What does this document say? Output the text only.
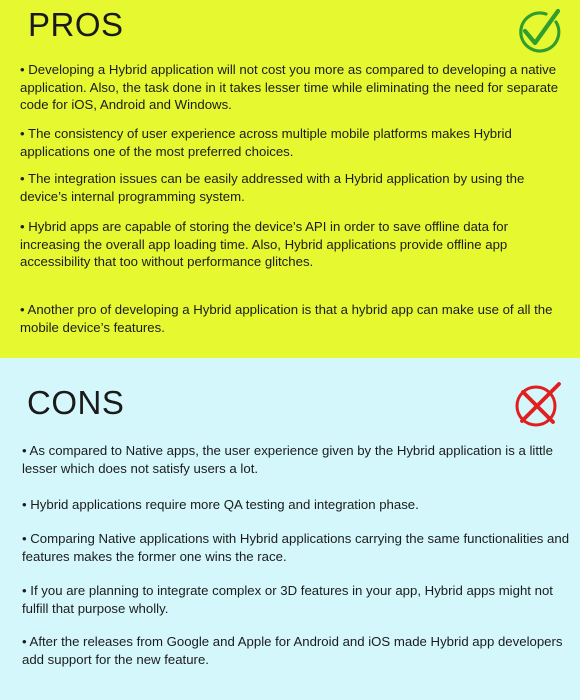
PROS

• Developing a Hybrid application will not cost you more as compared to developing a native application. Also, the task done in it takes lesser time while eliminating the need for separate code for iOS, Android and Windows.

• The consistency of user experience across multiple mobile platforms makes Hybrid applications one of the most preferred choices.

• The integration issues can be easily addressed with a Hybrid application by using the device’s internal programming system.

• Hybrid apps are capable of storing the device’s API in order to save offline data for increasing the overall app loading time. Also, Hybrid applications provide offline app accessibility that too without performance glitches.

• Another pro of developing a Hybrid application is that a hybrid app can make use of all the mobile device’s features.

CONS

• As compared to Native apps, the user experience given by the Hybrid application is a little lesser which does not satisfy users a lot.

• Hybrid applications require more QA testing and integration phase.

• Comparing Native applications with Hybrid applications carrying the same functionalities and features makes the former one wins the race.

• If you are planning to integrate complex or 3D features in your app, Hybrid apps might not fulfill that purpose wholly.

• After the releases from Google and Apple for Android and iOS made Hybrid app developers add support for the new feature.
